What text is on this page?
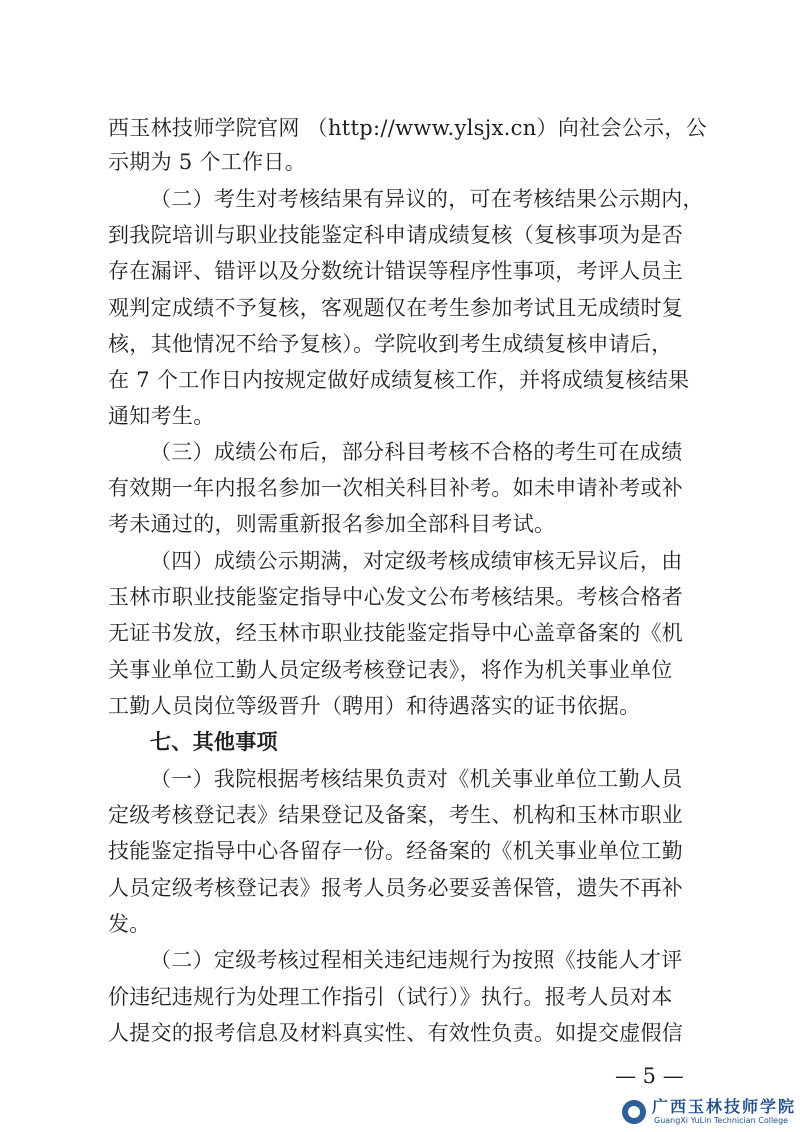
西玉林技师学院官网 （http://www.ylsjx.cn）向社会公示，公
示期为 5 个工作日。
（二）考生对考核结果有异议的，可在考核结果公示期内，
到我院培训与职业技能鉴定科申请成绩复核（复核事项为是否
存在漏评、错评以及分数统计错误等程序性事项，考评人员主
观判定成绩不予复核，客观题仅在考生参加考试且无成绩时复
核，其他情况不给予复核）。学院收到考生成绩复核申请后，
在 7 个工作日内按规定做好成绩复核工作，并将成绩复核结果
通知考生。
（三）成绩公布后，部分科目考核不合格的考生可在成绩
有效期一年内报名参加一次相关科目补考。如未申请补考或补
考未通过的，则需重新报名参加全部科目考试。
（四）成绩公示期满，对定级考核成绩审核无异议后，由
玉林市职业技能鉴定指导中心发文公布考核结果。考核合格者
无证书发放，经玉林市职业技能鉴定指导中心盖章备案的《机
关事业单位工勤人员定级考核登记表》，将作为机关事业单位
工勤人员岗位等级晋升（聘用）和待遇落实的证书依据。
七、其他事项
（一）我院根据考核结果负责对《机关事业单位工勤人员
定级考核登记表》结果登记及备案，考生、机构和玉林市职业
技能鉴定指导中心各留存一份。经备案的《机关事业单位工勤
人员定级考核登记表》报考人员务必要妥善保管，遗失不再补
发。
（二）定级考核过程相关违纪违规行为按照《技能人才评
价违纪违规行为处理工作指引（试行）》执行。报考人员对本
人提交的报考信息及材料真实性、有效性负责。如提交虚假信
— 5 —
广西玉林技师学院
GuangXi YuLin Technician College
